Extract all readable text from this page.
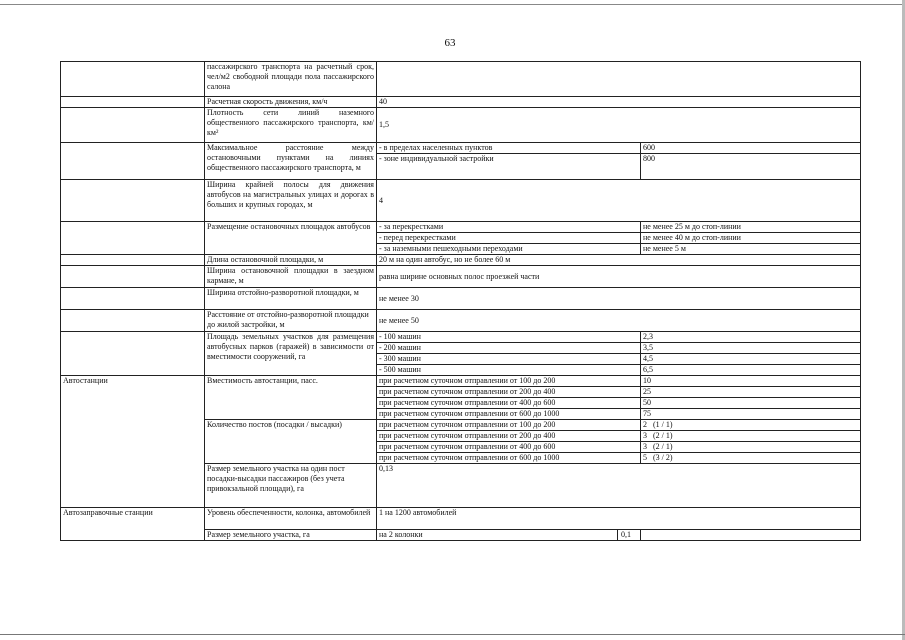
63
	пассажирского транспорта на расчетный срок, чел/м2 свободной площади пола пассажирского салона		
	Расчетная скорость движения, км/ч	40	
	Плотность сети линий наземного общественного пассажирского транспорта, км/км²	1,5	
	Максимальное расстояние между остановочными пунктами на линиях общественного пассажирского транспорта, м	- в пределах населенных пунктов	600
		- зоне индивидуальной застройки	800
	Ширина крайней полосы для движения автобусов на магистральных улицах и дорогах в больших и крупных городах, м	4	
	Размещение остановочных площадок автобусов	- за перекрестками	не менее 25 м до стоп-линии
		- перед перекрестками	не менее 40 м до стоп-линии
		- за наземными пешеходными переходами	не менее 5 м
	Длина остановочной площадки, м	20 м на один автобус, но не более 60 м	
	Ширина остановочной площадки в заездном кармане, м	равна ширине основных полос проезжей части	
	Ширина отстойно-разворотной площадки, м	не менее 30	
	Расстояние от отстойно-разворотной площадки до жилой застройки, м	не менее 50	
	Площадь земельных участков для размещения автобусных парков (гаражей) в зависимости от вместимости сооружений, га	- 100 машин	2,3
		- 200 машин	3,5
		- 300 машин	4,5
		- 500 машин	6,5
Автостанции	Вместимость автостанции, пасс.	при расчетном суточном отправлении от 100 до 200	10
		при расчетном суточном отправлении от 200 до 400	25
		при расчетном суточном отправлении от 400 до 600	50
		при расчетном суточном отправлении от 600 до 1000	75
	Количество постов (посадки / высадки)	при расчетном суточном отправлении от 100 до 200	2   (1 / 1)
		при расчетном суточном отправлении от 200 до 400	3   (2 / 1)
		при расчетном суточном отправлении от 400 до 600	3   (2 / 1)
		при расчетном суточном отправлении от 600 до 1000	5   (3 / 2)
	Размер земельного участка на один пост посадки-высадки пассажиров (без учета привокзальной площади), га	0,13	
Автозаправочные станции	Уровень обеспеченности, колонка, автомобилей	1 на 1200 автомобилей	
	Размер земельного участка, га	на 2 колонки 0,1	
